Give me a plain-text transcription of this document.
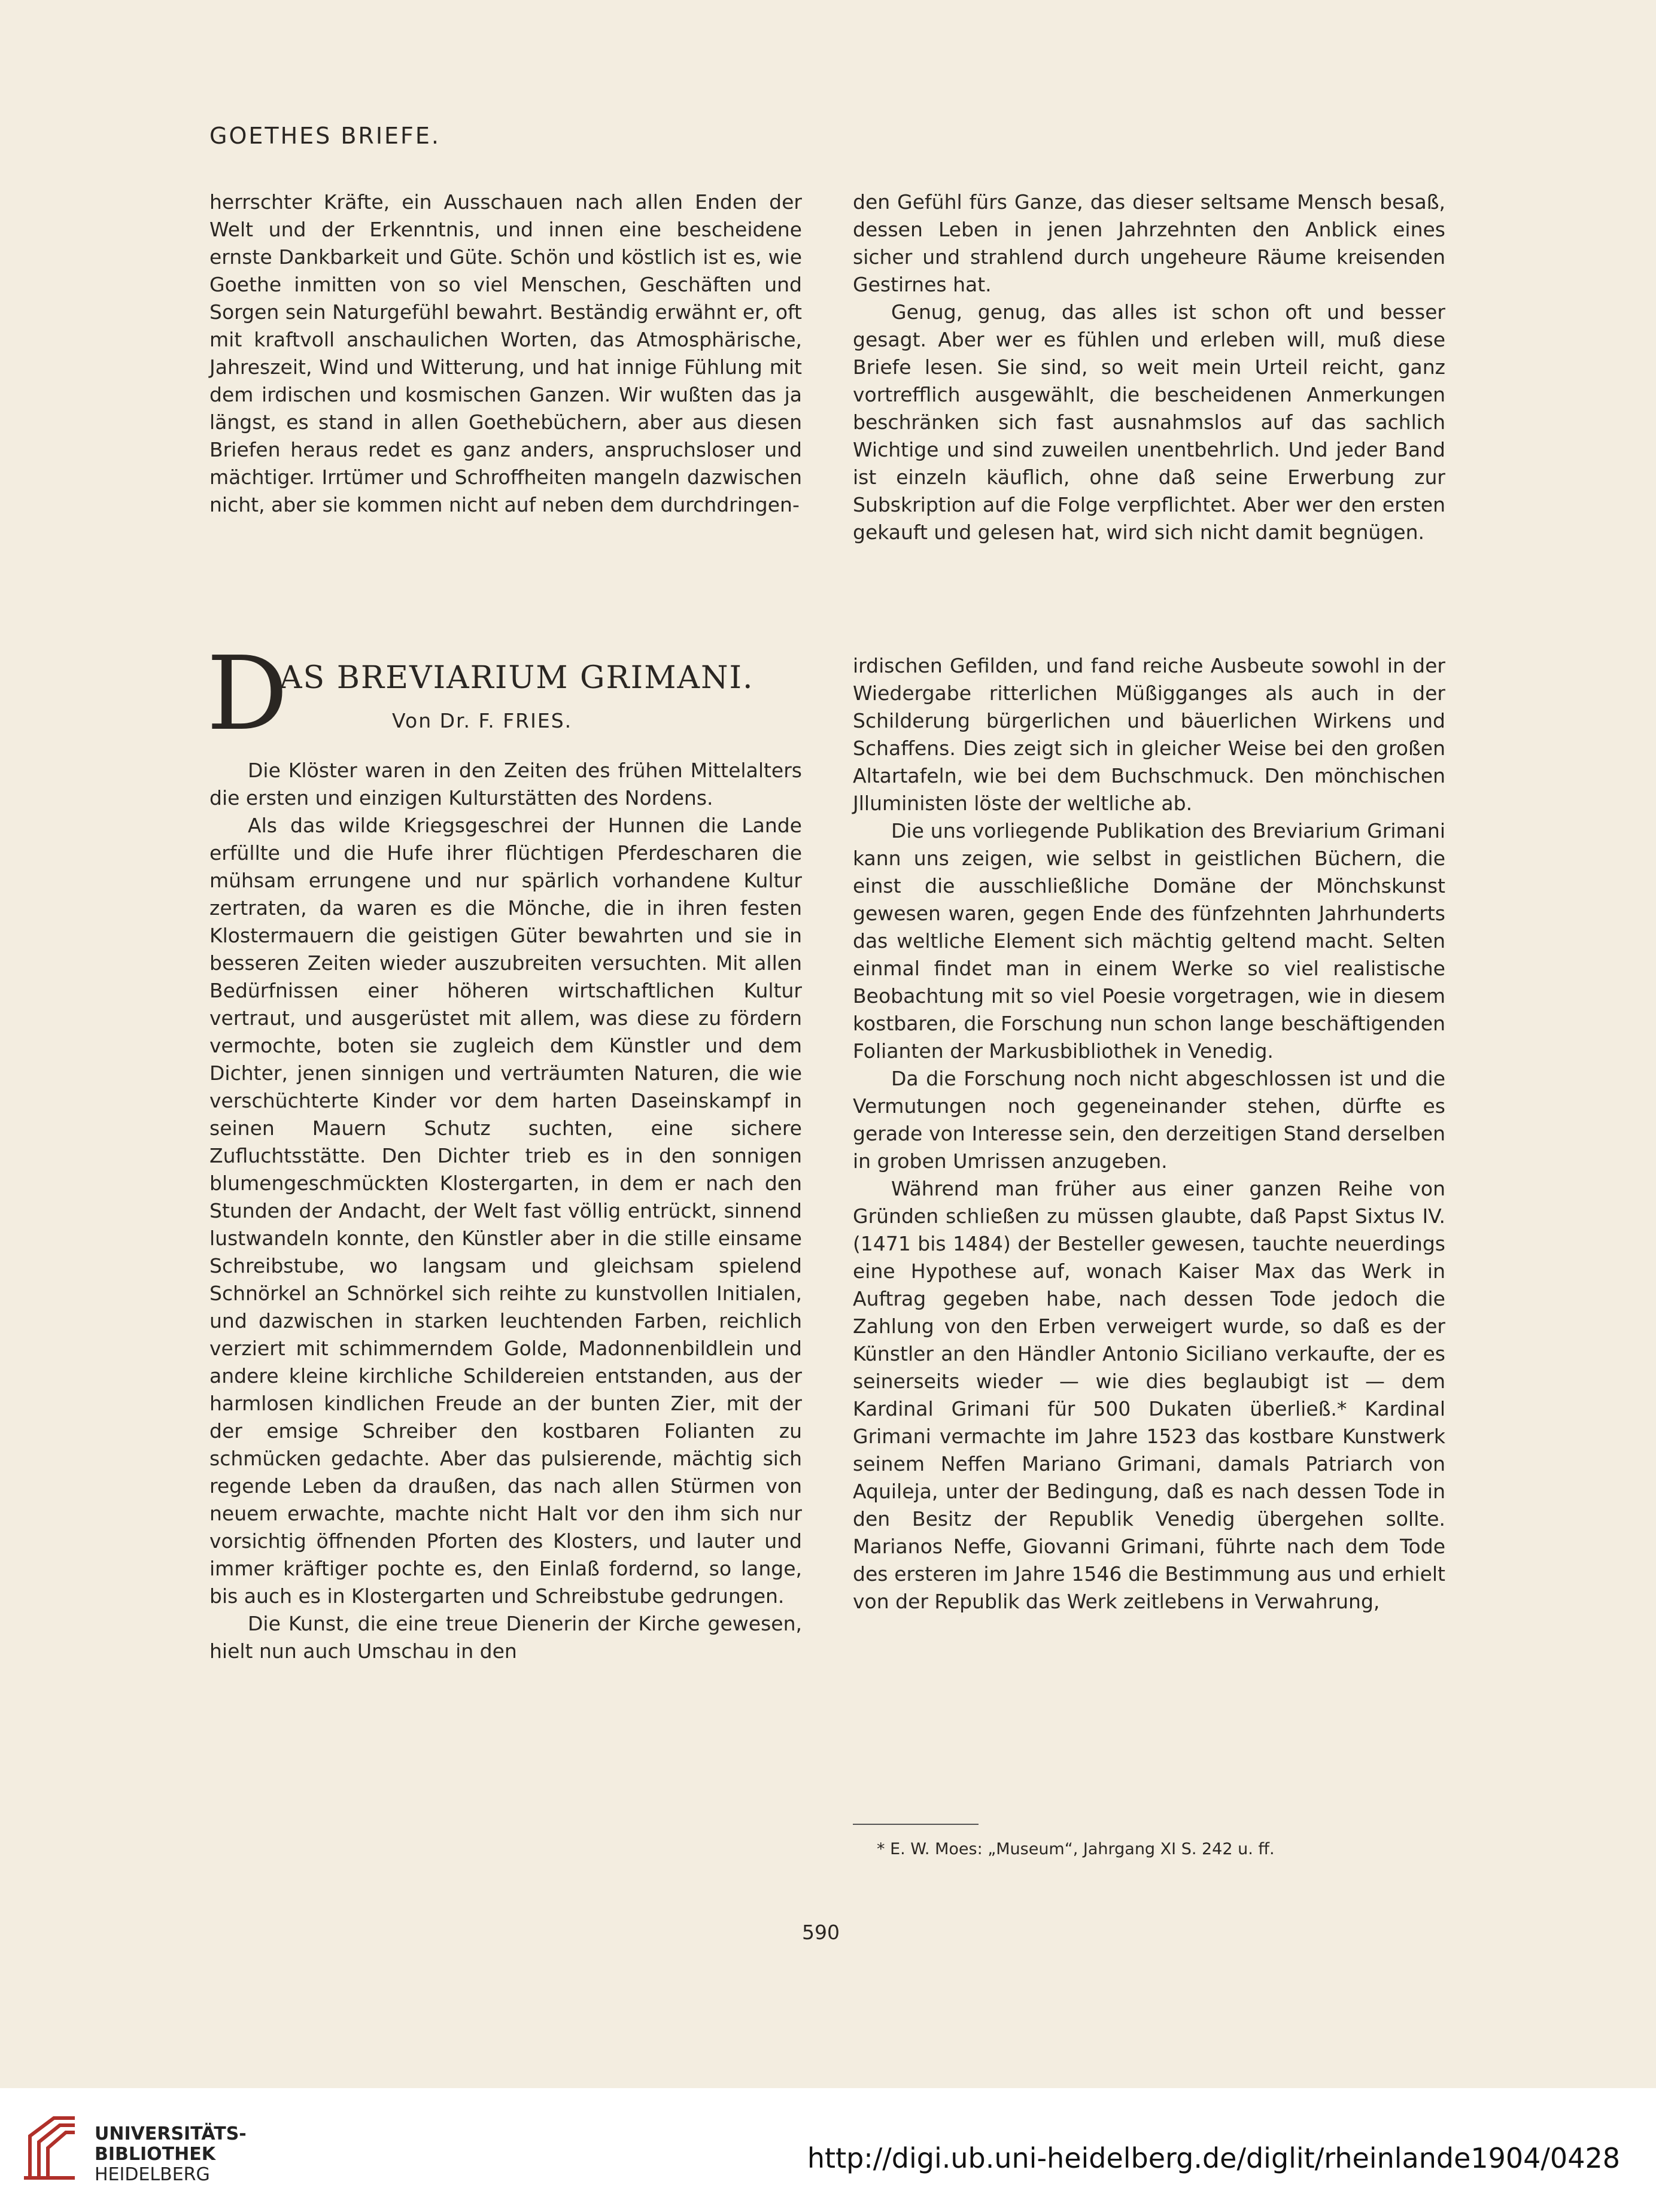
GOETHES BRIEFE.

herrschter Kräfte, ein Ausschauen nach allen Enden der Welt und der Erkenntnis, und innen eine bescheidene ernste Dankbarkeit und Güte. Schön und köstlich ist es, wie Goethe inmitten von so viel Menschen, Geschäften und Sorgen sein Naturgefühl bewahrt. Beständig erwähnt er, oft mit kraftvoll anschaulichen Worten, das Atmosphärische, Jahreszeit, Wind und Witterung, und hat innige Fühlung mit dem irdischen und kosmischen Ganzen. Wir wußten das ja längst, es stand in allen Goethebüchern, aber aus diesen Briefen heraus redet es ganz anders, anspruchsloser und mächtiger. Irrtümer und Schroffheiten mangeln dazwischen nicht, aber sie kommen nicht auf neben dem durchdringen-

den Gefühl fürs Ganze, das dieser seltsame Mensch besaß, dessen Leben in jenen Jahrzehnten den Anblick eines sicher und strahlend durch ungeheure Räume kreisenden Gestirnes hat.

Genug, genug, das alles ist schon oft und besser gesagt. Aber wer es fühlen und erleben will, muß diese Briefe lesen. Sie sind, so weit mein Urteil reicht, ganz vortrefflich ausgewählt, die bescheidenen Anmerkungen beschränken sich fast ausnahmslos auf das sachlich Wichtige und sind zuweilen unentbehrlich. Und jeder Band ist einzeln käuflich, ohne daß seine Erwerbung zur Subskription auf die Folge verpflichtet. Aber wer den ersten gekauft und gelesen hat, wird sich nicht damit begnügen.

D
AS BREVIARIUM GRIMANI.
Von Dr. F. FRIES.

Die Klöster waren in den Zeiten des frühen Mittelalters die ersten und einzigen Kulturstätten des Nordens.

Als das wilde Kriegsgeschrei der Hunnen die Lande erfüllte und die Hufe ihrer flüchtigen Pferdescharen die mühsam errungene und nur spärlich vorhandene Kultur zertraten, da waren es die Mönche, die in ihren festen Klostermauern die geistigen Güter bewahrten und sie in besseren Zeiten wieder auszubreiten versuchten. Mit allen Bedürfnissen einer höheren wirtschaftlichen Kultur vertraut, und ausgerüstet mit allem, was diese zu fördern vermochte, boten sie zugleich dem Künstler und dem Dichter, jenen sinnigen und verträumten Naturen, die wie verschüchterte Kinder vor dem harten Daseinskampf in seinen Mauern Schutz suchten, eine sichere Zufluchtsstätte. Den Dichter trieb es in den sonnigen blumengeschmückten Klostergarten, in dem er nach den Stunden der Andacht, der Welt fast völlig entrückt, sinnend lustwandeln konnte, den Künstler aber in die stille einsame Schreibstube, wo langsam und gleichsam spielend Schnörkel an Schnörkel sich reihte zu kunstvollen Initialen, und dazwischen in starken leuchtenden Farben, reichlich verziert mit schimmerndem Golde, Madonnenbildlein und andere kleine kirchliche Schildereien entstanden, aus der harmlosen kindlichen Freude an der bunten Zier, mit der der emsige Schreiber den kostbaren Folianten zu schmücken gedachte. Aber das pulsierende, mächtig sich regende Leben da draußen, das nach allen Stürmen von neuem erwachte, machte nicht Halt vor den ihm sich nur vorsichtig öffnenden Pforten des Klosters, und lauter und immer kräftiger pochte es, den Einlaß fordernd, so lange, bis auch es in Klostergarten und Schreibstube gedrungen.

Die Kunst, die eine treue Dienerin der Kirche gewesen, hielt nun auch Umschau in den

irdischen Gefilden, und fand reiche Ausbeute sowohl in der Wiedergabe ritterlichen Müßigganges als auch in der Schilderung bürgerlichen und bäuerlichen Wirkens und Schaffens. Dies zeigt sich in gleicher Weise bei den großen Altartafeln, wie bei dem Buchschmuck. Den mönchischen Jlluministen löste der weltliche ab.

Die uns vorliegende Publikation des Breviarium Grimani kann uns zeigen, wie selbst in geistlichen Büchern, die einst die ausschließliche Domäne der Mönchskunst gewesen waren, gegen Ende des fünfzehnten Jahrhunderts das weltliche Element sich mächtig geltend macht. Selten einmal findet man in einem Werke so viel realistische Beobachtung mit so viel Poesie vorgetragen, wie in diesem kostbaren, die Forschung nun schon lange beschäftigenden Folianten der Markusbibliothek in Venedig.

Da die Forschung noch nicht abgeschlossen ist und die Vermutungen noch gegeneinander stehen, dürfte es gerade von Interesse sein, den derzeitigen Stand derselben in groben Umrissen anzugeben.

Während man früher aus einer ganzen Reihe von Gründen schließen zu müssen glaubte, daß Papst Sixtus IV. (1471 bis 1484) der Besteller gewesen, tauchte neuerdings eine Hypothese auf, wonach Kaiser Max das Werk in Auftrag gegeben habe, nach dessen Tode jedoch die Zahlung von den Erben verweigert wurde, so daß es der Künstler an den Händler Antonio Siciliano verkaufte, der es seinerseits wieder — wie dies beglaubigt ist — dem Kardinal Grimani für 500 Dukaten überließ.* Kardinal Grimani vermachte im Jahre 1523 das kostbare Kunstwerk seinem Neffen Mariano Grimani, damals Patriarch von Aquileja, unter der Bedingung, daß es nach dessen Tode in den Besitz der Republik Venedig übergehen sollte. Marianos Neffe, Giovanni Grimani, führte nach dem Tode des ersteren im Jahre 1546 die Bestimmung aus und erhielt von der Republik das Werk zeitlebens in Verwahrung,

* E. W. Moes: „Museum“, Jahrgang XI S. 242 u. ff.
590
UNIVERSITÄTS-
BIBLIOTHEK
HEIDELBERG
http://digi.ub.uni-heidelberg.de/diglit/rheinlande1904/0428
